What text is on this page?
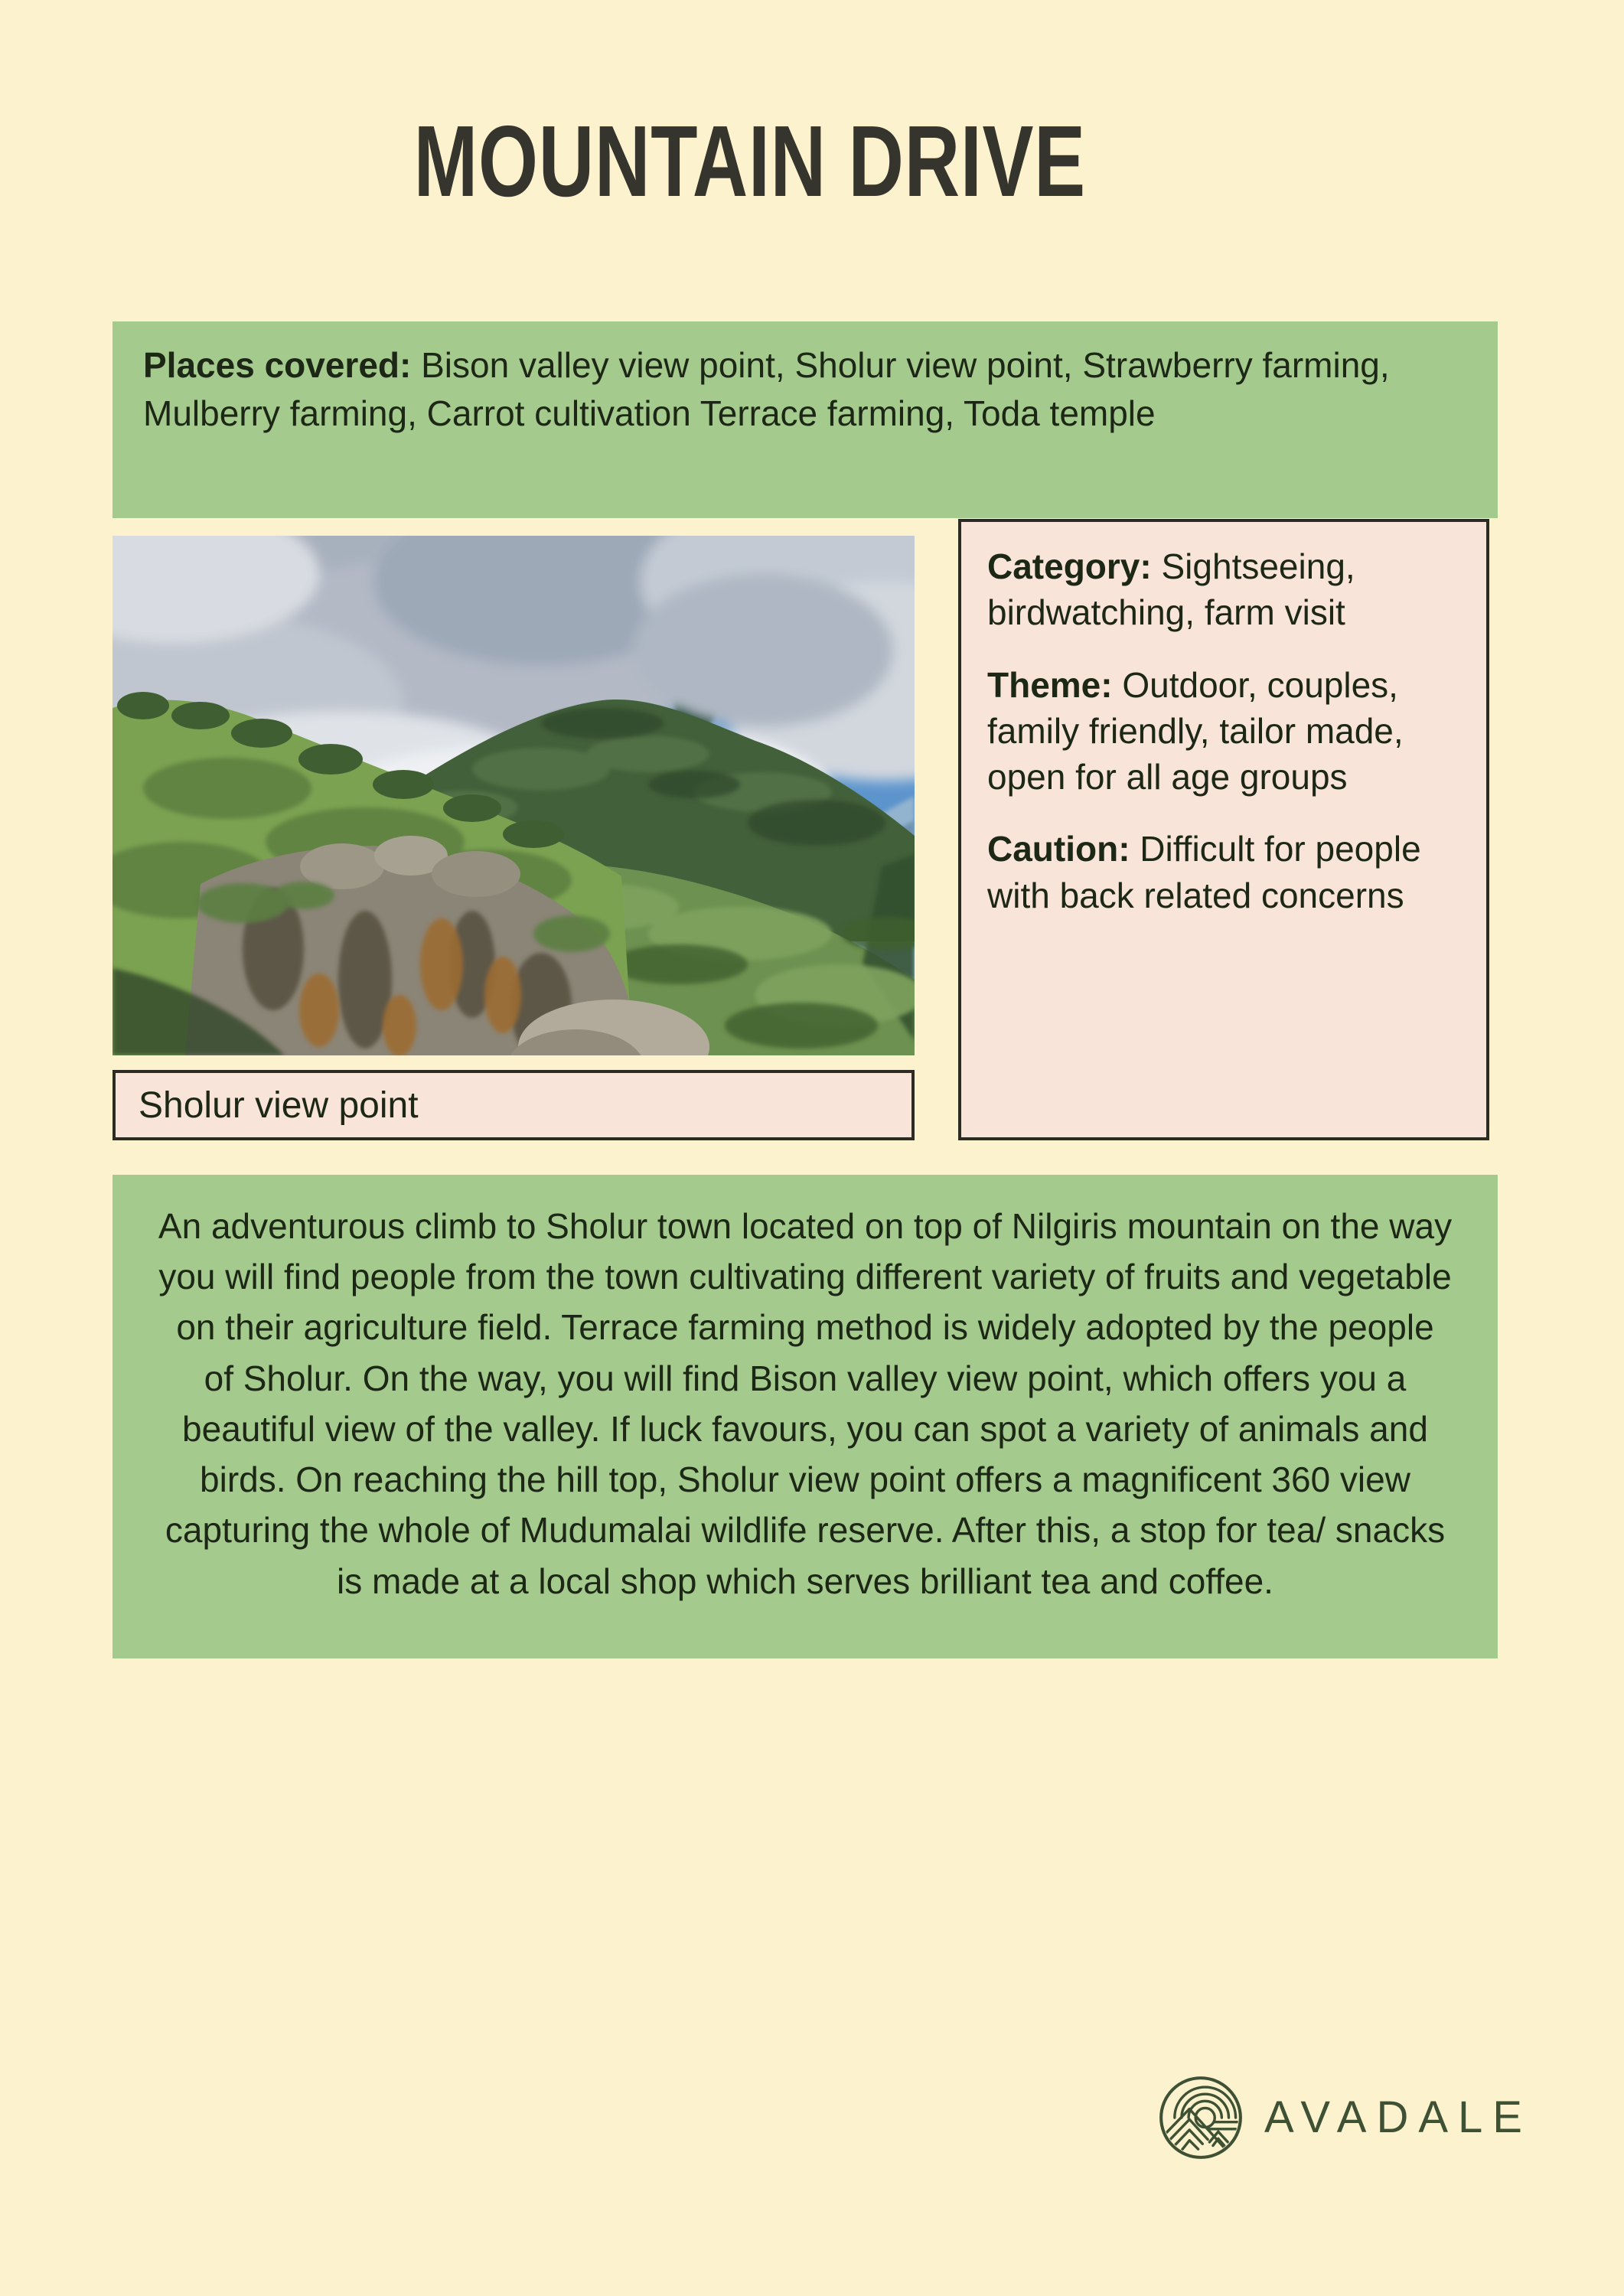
MOUNTAIN DRIVE
Places covered: Bison valley view point, Sholur view point, Strawberry farming, Mulberry farming, Carrot cultivation Terrace farming, Toda temple
Sholur view point

Category: Sightseeing, birdwatching, farm visit

Theme: Outdoor, couples, family friendly, tailor made, open for all age groups

Caution: Difficult for people with back related concerns

An adventurous climb to Sholur town located on top of Nilgiris mountain on the way you will find people from the town cultivating different variety of fruits and vegetable on their agriculture field. Terrace farming method is widely adopted by the people of Sholur. On the way, you will find Bison valley view point, which offers you a beautiful view of the valley. If luck favours, you can spot a variety of animals and birds. On reaching the hill top, Sholur view point offers a magnificent 360 view capturing the whole of Mudumalai wildlife reserve. After this, a stop for tea/ snacks is made at a local shop which serves brilliant tea and coffee.
AVADALE
